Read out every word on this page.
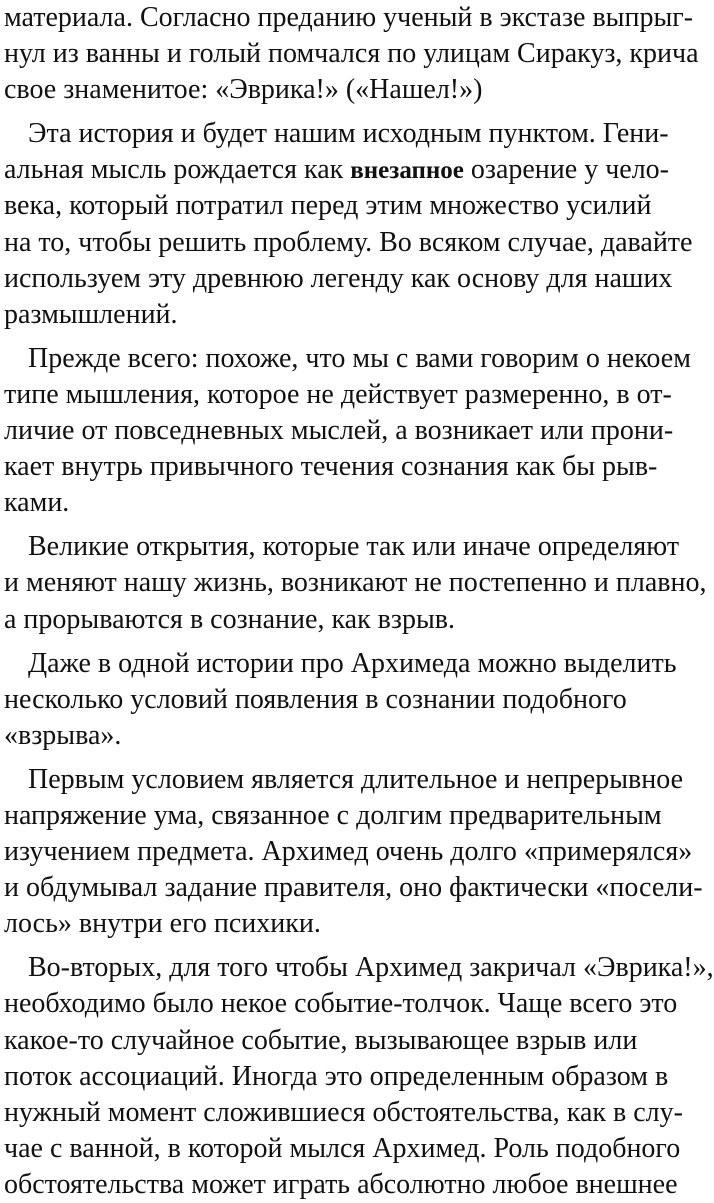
материала. Согласно преданию ученый в экстазе выпрыг-
нул из ванны и голый помчался по улицам Сиракуз, крича
свое знаменитое: «Эврика!» («Нашел!»)
Эта история и будет нашим исходным пунктом. Гени-
альная мысль рождается как внезапное озарение у чело-
века, который потратил перед этим множество усилий
на то, чтобы решить проблему. Во всяком случае, давайте
используем эту древнюю легенду как основу для наших
размышлений.
Прежде всего: похоже, что мы с вами говорим о некоем
типе мышления, которое не действует размеренно, в от-
личие от повседневных мыслей, а возникает или прони-
кает внутрь привычного течения сознания как бы рыв-
ками.
Великие открытия, которые так или иначе определяют
и меняют нашу жизнь, возникают не постепенно и плавно,
а прорываются в сознание, как взрыв.
Даже в одной истории про Архимеда можно выделить
несколько условий появления в сознании подобного
«взрыва».
Первым условием является длительное и непрерывное
напряжение ума, связанное с долгим предварительным
изучением предмета. Архимед очень долго «примерялся»
и обдумывал задание правителя, оно фактически «посели-
лось» внутри его психики.
Во-вторых, для того чтобы Архимед закричал «Эврика!»,
необходимо было некое событие-толчок. Чаще всего это
какое-то случайное событие, вызывающее взрыв или
поток ассоциаций. Иногда это определенным образом в
нужный момент сложившиеся обстоятельства, как в слу-
чае с ванной, в которой мылся Архимед. Роль подобного
обстоятельства может играть абсолютно любое внешнее
